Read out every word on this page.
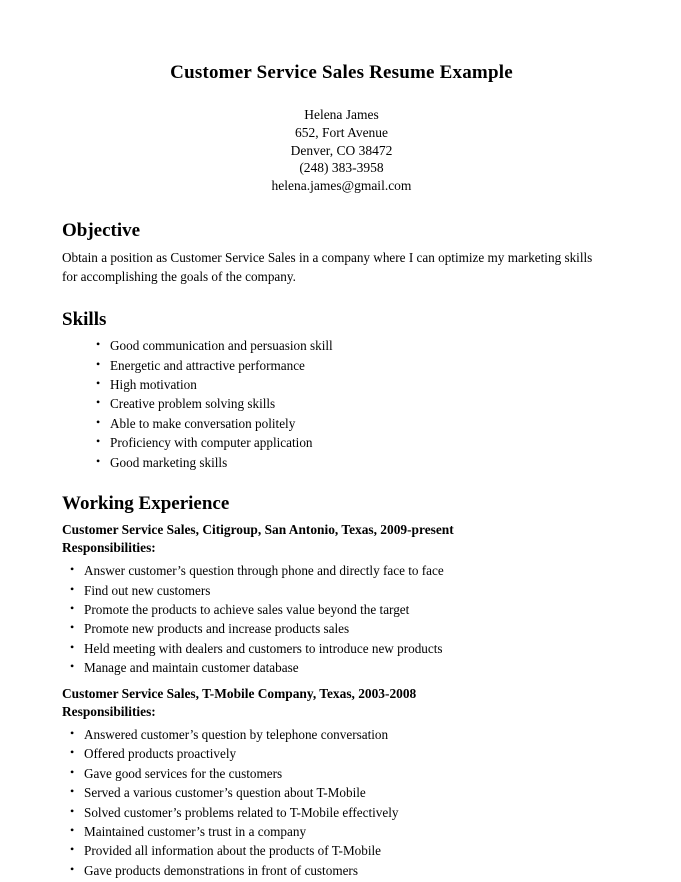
Customer Service Sales Resume Example
Helena James
652, Fort Avenue
Denver, CO 38472
(248) 383-3958
helena.james@gmail.com
Objective

Obtain a position as Customer Service Sales in a company where I can optimize my marketing skills for accomplishing the goals of the company.

Skills
• Good communication and persuasion skill
• Energetic and attractive performance
• High motivation
• Creative problem solving skills
• Able to make conversation politely
• Proficiency with computer application
• Good marketing skills
Working Experience
Customer Service Sales, Citigroup, San Antonio, Texas, 2009-present
Responsibilities:
• Answer customer’s question through phone and directly face to face
• Find out new customers
• Promote the products to achieve sales value beyond the target
• Promote new products and increase products sales
• Held meeting with dealers and customers to introduce new products
• Manage and maintain customer database
Customer Service Sales, T-Mobile Company, Texas, 2003-2008
Responsibilities:
• Answered customer’s question by telephone conversation
• Offered products proactively
• Gave good services for the customers
• Served a various customer’s question about T-Mobile
• Solved customer’s problems related to T-Mobile effectively
• Maintained customer’s trust in a company
• Provided all information about the products of T-Mobile
• Gave products demonstrations in front of customers
